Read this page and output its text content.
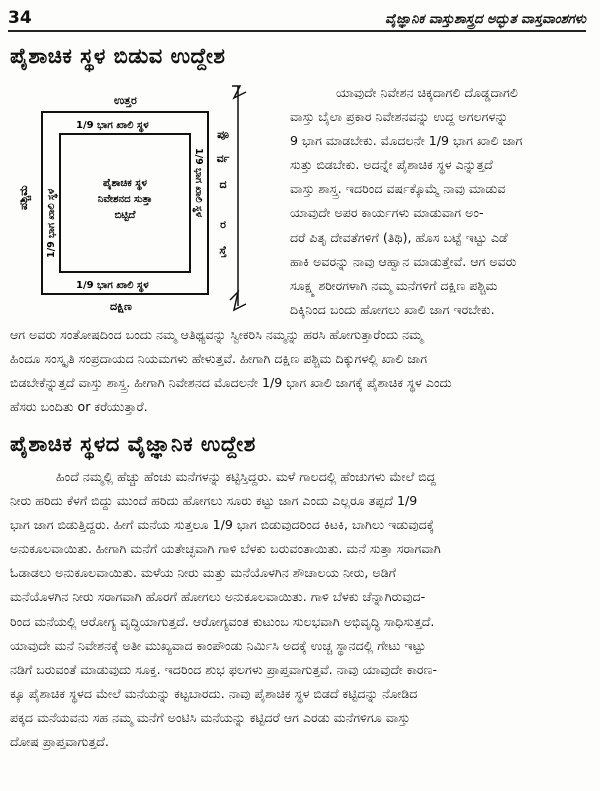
34	ವೈಜ್ಞಾನಿಕ ವಾಸ್ತುಶಾಸ್ತ್ರದ ಅದ್ಭುತ ವಾಸ್ತವಾಂಶಗಳು
ಪೈಶಾಚಿಕ ಸ್ಥಳ ಬಿಡುವ ಉದ್ದೇಶ
ಉತ್ತರ
ದಕ್ಷಿಣ
ಪಶ್ಚಿಮ
1/9 ಭಾಗ ಖಾಲಿ ಸ್ಥಳ
1/9 ಭಾಗ ಖಾಲಿ ಸ್ಥಳ
1/9 ಭಾಗ ಖಾಲಿ ಸ್ಥಳ
1/9 ಭಾಗ ಖಾಲಿ ಸ್ಥಳ
ಪೈಶಾಚಿಕ ಸ್ಥಳ
ನಿವೇಶನದ ಸುತ್ತಾ
ಬಿಟ್ಟಿದೆ
ಪೂ
ರ್ವ
ದ
ರ
ಸ್ತೆ
ಯಾವುದೇ ನಿವೇಶನ ಚಿಕ್ಕದಾಗಲಿ ದೊಡ್ಡದಾಗಲಿ
ವಾಸ್ತು ಬೈಲಾ ಪ್ರಕಾರ ನಿವೇಶನವನ್ನು ಉದ್ದ ಅಗಲಗಳನ್ನು
9 ಭಾಗ ಮಾಡಬೇಕು. ಮೊದಲನೇ 1/9 ಭಾಗ ಖಾಲಿ ಜಾಗ
ಸುತ್ತು ಬಿಡಬೇಕು. ಅದನ್ನೇ ಪೈಶಾಚಿಕ ಸ್ಥಳ ಎನ್ನುತ್ತದೆ
ವಾಸ್ತು ಶಾಸ್ತ್ರ. ಇದರಿಂದ ವರ್ಷಕ್ಕೊಮ್ಮೆ ನಾವು ಮಾಡುವ
ಯಾವುದೇ ಅಪರ ಕಾರ್ಯಗಳು ಮಾಡುವಾಗ ಅಂ-
ದರೆ ಪಿತೃ ದೇವತೆಗಳಿಗೆ (ತಿಥಿ), ಹೊಸ ಬಟ್ಟೆ ಇಟ್ಟು ಎಡೆ
ಹಾಕಿ ಅವರನ್ನು ನಾವು ಆಹ್ವಾನ ಮಾಡುತ್ತೇವೆ. ಆಗ ಅವರು
ಸೂಕ್ಷ್ಮ ಶರೀರಗಳಾಗಿ ನಮ್ಮ ಮನೆಗಳಿಗೆ ದಕ್ಷಿಣ ಪಶ್ಚಿಮ
ದಿಕ್ಕಿನಿಂದ ಬಂದು ಹೋಗಲು ಖಾಲಿ ಜಾಗ ಇರಬೇಕು.
ಆಗ ಅವರು ಸಂತೋಷದಿಂದ ಬಂದು ನಮ್ಮ ಆತಿಥ್ಯವನ್ನು ಸ್ವೀಕರಿಸಿ ನಮ್ಮನ್ನು ಹರಸಿ ಹೋಗುತ್ತಾರೆಂದು ನಮ್ಮ
ಹಿಂದೂ ಸಂಸ್ಕೃತಿ ಸಂಪ್ರದಾಯದ ನಿಯಮಗಳು ಹೇಳುತ್ತವೆ. ಹೀಗಾಗಿ ದಕ್ಷಿಣ ಪಶ್ಚಿಮ ದಿಕ್ಕುಗಳಲ್ಲಿ ಖಾಲಿ ಜಾಗ
ಬಿಡಬೇಕೆನ್ನುತ್ತದೆ ವಾಸ್ತು ಶಾಸ್ತ್ರ. ಹೀಗಾಗಿ ನಿವೇಶನದ ಮೊದಲನೇ 1/9 ಭಾಗ ಖಾಲಿ ಜಾಗಕ್ಕೆ ಪೈಶಾಚಿಕ ಸ್ಥಳ ಎಂದು
ಹೆಸರು ಬಂದಿತು or ಕರೆಯುತ್ತಾರೆ.
ಪೈಶಾಚಿಕ ಸ್ಥಳದ ವೈಜ್ಞಾನಿಕ ಉದ್ದೇಶ
ಹಿಂದೆ ನಮ್ಮಲ್ಲಿ ಹೆಚ್ಚು ಹೆಂಚು ಮನೆಗಳನ್ನು ಕಟ್ಟಿಸ್ತಿದ್ದರು. ಮಳೆ ಗಾಲದಲ್ಲಿ ಹೆಂಚುಗಳು ಮೇಲೆ ಬಿದ್ದ
ನೀರು ಹರಿದು ಕೆಳಗೆ ಬಿದ್ದು ಮುಂದೆ ಹರಿದು ಹೋಗಲು ಸೂರು ಕಟ್ಟು ಜಾಗ ಎಂದು ಎಲ್ಲರೂ ತಪ್ಪದೆ 1/9
ಭಾಗ ಜಾಗ ಬಿಡುತ್ತಿದ್ದರು. ಹೀಗೆ ಮನೆಯ ಸುತ್ತಲೂ 1/9 ಭಾಗ ಬಿಡುವುದರಿಂದ ಕಿಟಕಿ, ಬಾಗಿಲು ಇಡುವುದಕ್ಕೆ
ಅನುಕೂಲವಾಯಿತು. ಹೀಗಾಗಿ ಮನೆಗೆ ಯತೇಚ್ಛವಾಗಿ ಗಾಳಿ ಬೆಳಕು ಬರುವಂತಾಯಿತು. ಮನೆ ಸುತ್ತಾ ಸರಾಗವಾಗಿ
ಓಡಾಡಲು ಅನುಕೂಲವಾಯಿತು. ಮಳೆಯ ನೀರು ಮತ್ತು ಮನೆಯೊಳಗಿನ ಶೌಚಾಲಯ ನೀರು, ಅಡಿಗೆ
ಮನೆಯೊಳಗಿನ ನೀರು ಸರಾಗವಾಗಿ ಹೊರಗೆ ಹೋಗಲು ಅನುಕೂಲವಾಯಿತು. ಗಾಳಿ ಬೆಳಕು ಚೆನ್ನಾಗಿರುವುದ-
ರಿಂದ ಮನೆಯಲ್ಲಿ ಆರೋಗ್ಯ ವೃದ್ಧಿಯಾಗುತ್ತದೆ. ಆರೋಗ್ಯವಂತ ಕುಟುಂಬ ಸುಲಭವಾಗಿ ಅಭಿವೃದ್ಧಿ ಸಾಧಿಸುತ್ತದೆ.
ಯಾವುದೇ ಮನೆ ನಿವೇಶನಕ್ಕೆ ಅತೀ ಮುಖ್ಯವಾದ ಕಾಂಪೌಂಡು ನಿರ್ಮಿಸಿ ಅದಕ್ಕೆ ಉಚ್ಚ ಸ್ಥಾನದಲ್ಲಿ ಗೇಟು ಇಟ್ಟು
ನಡಿಗೆ ಬರುವಂತೆ ಮಾಡುವುದು ಸೂಕ್ತ. ಇದರಿಂದ ಶುಭ ಫಲಗಳು ಪ್ರಾಪ್ತವಾಗುತ್ತವೆ. ನಾವು ಯಾವುದೇ ಕಾರಣ-
ಕ್ಕೂ ಪೈಶಾಚಿಕ ಸ್ಥಳದ ಮೇಲೆ ಮನೆಯನ್ನು ಕಟ್ಟಬಾರದು. ನಾವು ಪೈಶಾಚಿಕ ಸ್ಥಳ ಬಿಡದೆ ಕಟ್ಟಿದನ್ನು ನೋಡಿದ
ಪಕ್ಕದ ಮನೆಯವನು ಸಹ ನಮ್ಮ ಮನೆಗೆ ಅಂಟಿಸಿ ಮನೆಯನ್ನು ಕಟ್ಟಿದರೆ ಆಗ ಎರಡು ಮನೆಗಳಿಗೂ ವಾಸ್ತು
ದೋಷ ಪ್ರಾಪ್ತವಾಗುತ್ತದೆ.
